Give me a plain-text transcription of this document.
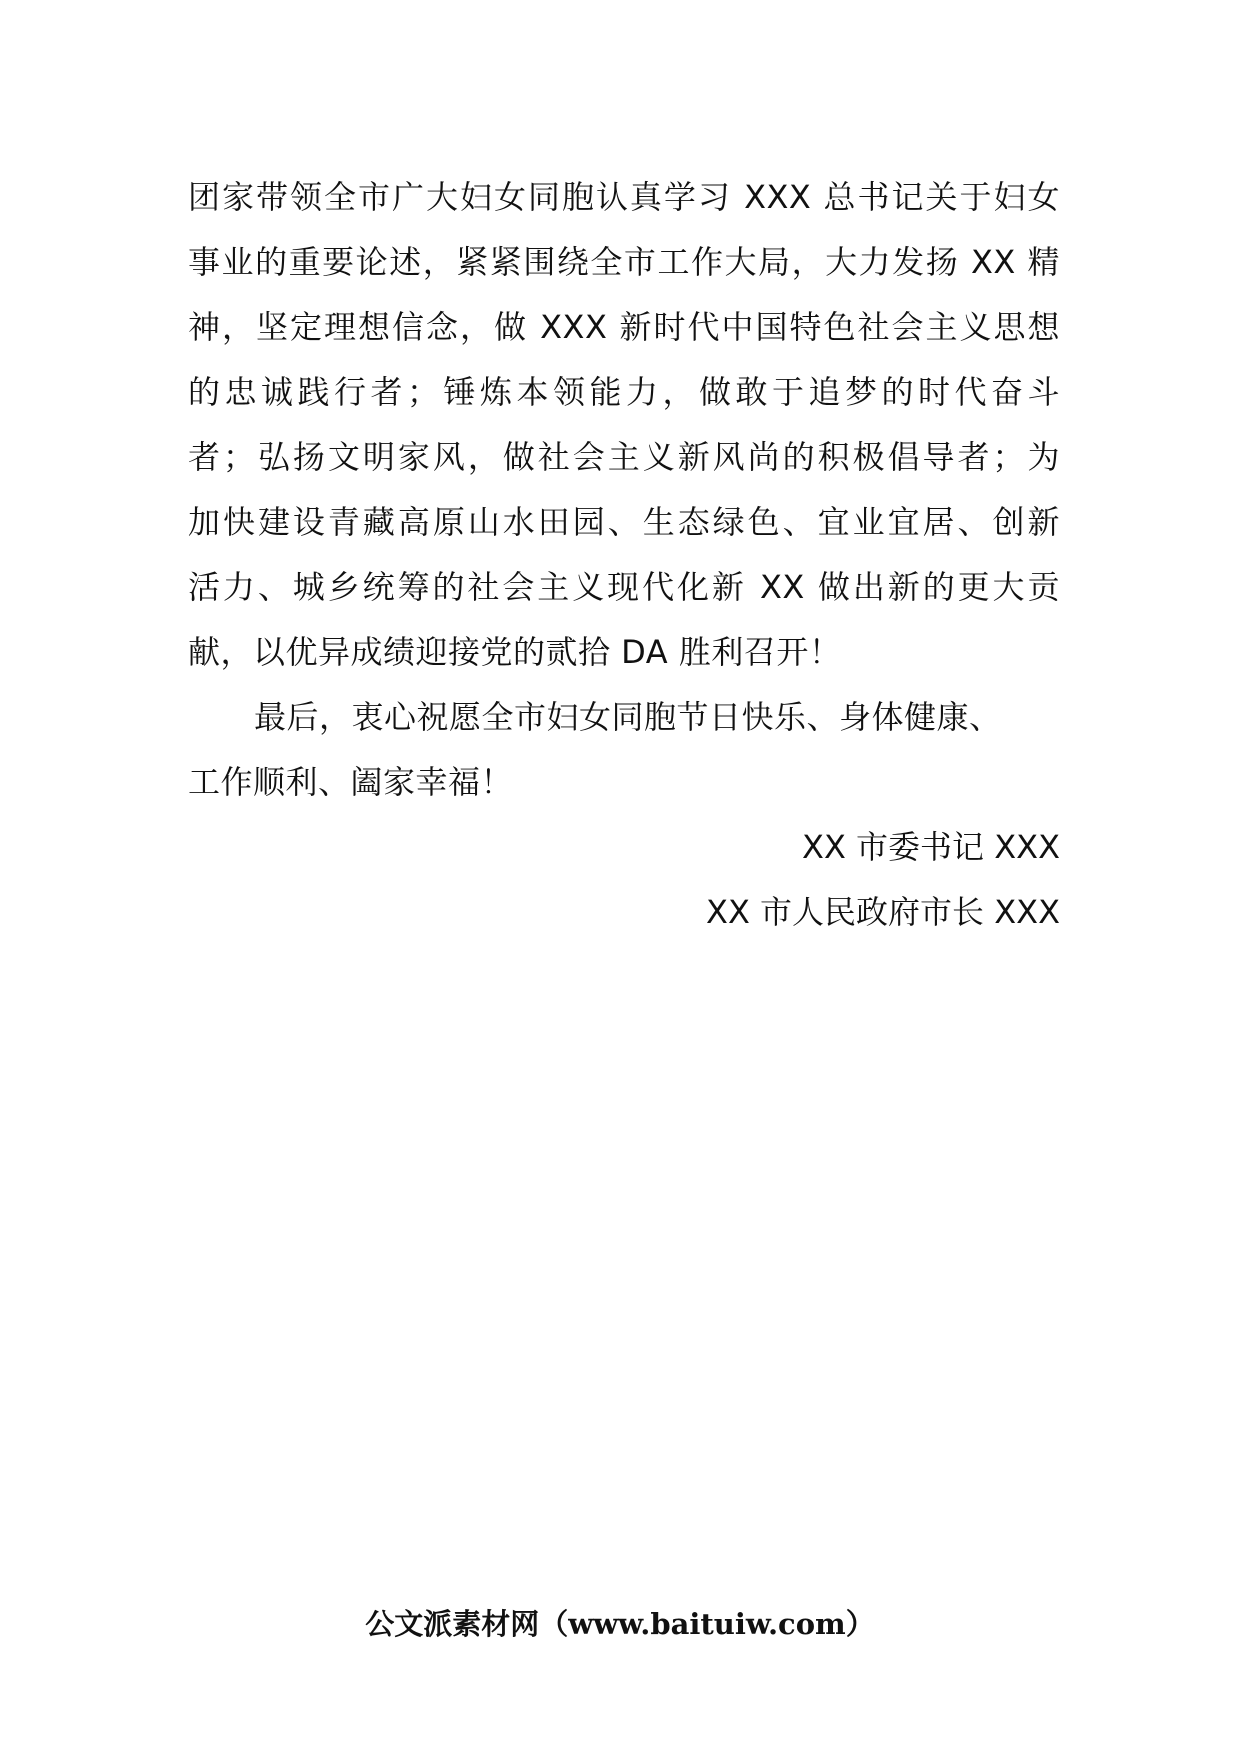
团家带领全市广大妇女同胞认真学习 XXX 总书记关于妇女
事业的重要论述，紧紧围绕全市工作大局，大力发扬 XX 精
神，坚定理想信念，做 XXX 新时代中国特色社会主义思想
的忠诚践行者；锤炼本领能力，做敢于追梦的时代奋斗
者；弘扬文明家风，做社会主义新风尚的积极倡导者；为
加快建设青藏高原山水田园、生态绿色、宜业宜居、创新
活力、城乡统筹的社会主义现代化新 XX 做出新的更大贡
献，以优异成绩迎接党的贰拾 DA 胜利召开！
最后，衷心祝愿全市妇女同胞节日快乐、身体健康、
工作顺利、阖家幸福！
XX 市委书记 XXX
XX 市人民政府市长 XXX
公文派素材网（www.baituiw.com）
